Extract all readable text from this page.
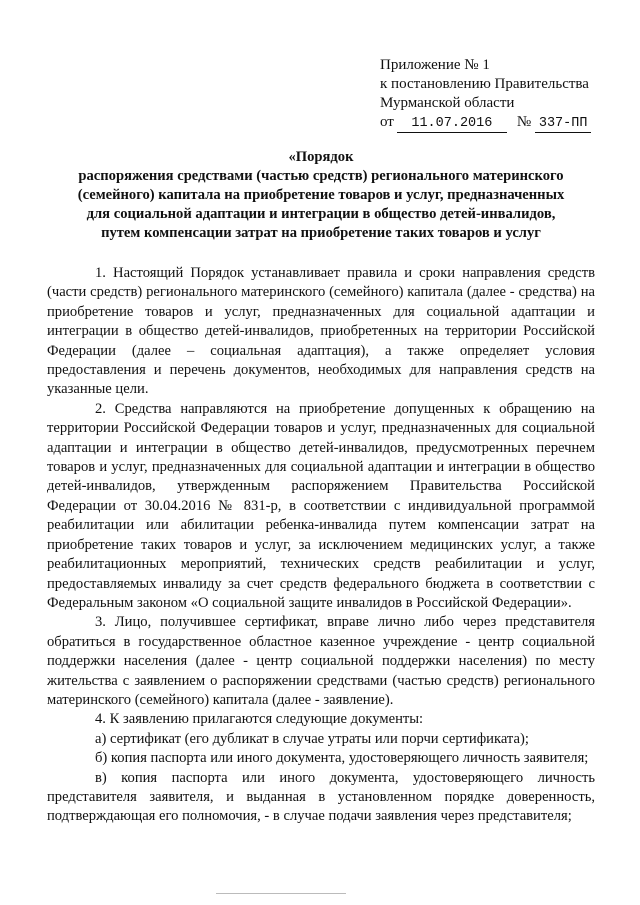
Приложение № 1
к постановлению Правительства
Мурманской области
от 11.07.2016 № 337-ПП
«Порядок
распоряжения средствами (частью средств) регионального материнского
(семейного) капитала на приобретение товаров и услуг, предназначенных
для социальной адаптации и интеграции в общество детей-инвалидов,
путем компенсации затрат на приобретение таких товаров и услуг

1. Настоящий Порядок устанавливает правила и сроки направления средств (части средств) регионального материнского (семейного) капитала (далее - средства) на приобретение товаров и услуг, предназначенных для социальной адаптации и интеграции в общество детей-инвалидов, приобретенных на территории Российской Федерации (далее – социальная адаптация), а также определяет условия предоставления и перечень документов, необходимых для направления средств на указанные цели.

2. Средства направляются на приобретение допущенных к обращению на территории Российской Федерации товаров и услуг, предназначенных для социальной адаптации и интеграции в общество детей-инвалидов, предусмотренных перечнем товаров и услуг, предназначенных для социальной адаптации и интеграции в общество детей-инвалидов, утвержденным распоряжением Правительства Российской Федерации от 30.04.2016 № 831-р, в соответствии с индивидуальной программой реабилитации или абилитации ребенка-инвалида путем компенсации затрат на приобретение таких товаров и услуг, за исключением медицинских услуг, а также реабилитационных мероприятий, технических средств реабилитации и услуг, предоставляемых инвалиду за счет средств федерального бюджета в соответствии с Федеральным законом «О социальной защите инвалидов в Российской Федерации».

3. Лицо, получившее сертификат, вправе лично либо через представителя обратиться в государственное областное казенное учреждение - центр социальной поддержки населения (далее - центр социальной поддержки населения) по месту жительства с заявлением о распоряжении средствами (частью средств) регионального материнского (семейного) капитала (далее - заявление).

4. К заявлению прилагаются следующие документы:

а) сертификат (его дубликат в случае утраты или порчи сертификата);

б) копия паспорта или иного документа, удостоверяющего личность заявителя;

в) копия паспорта или иного документа, удостоверяющего личность представителя заявителя, и выданная в установленном порядке доверенность, подтверждающая его полномочия, - в случае подачи заявления через представителя;
